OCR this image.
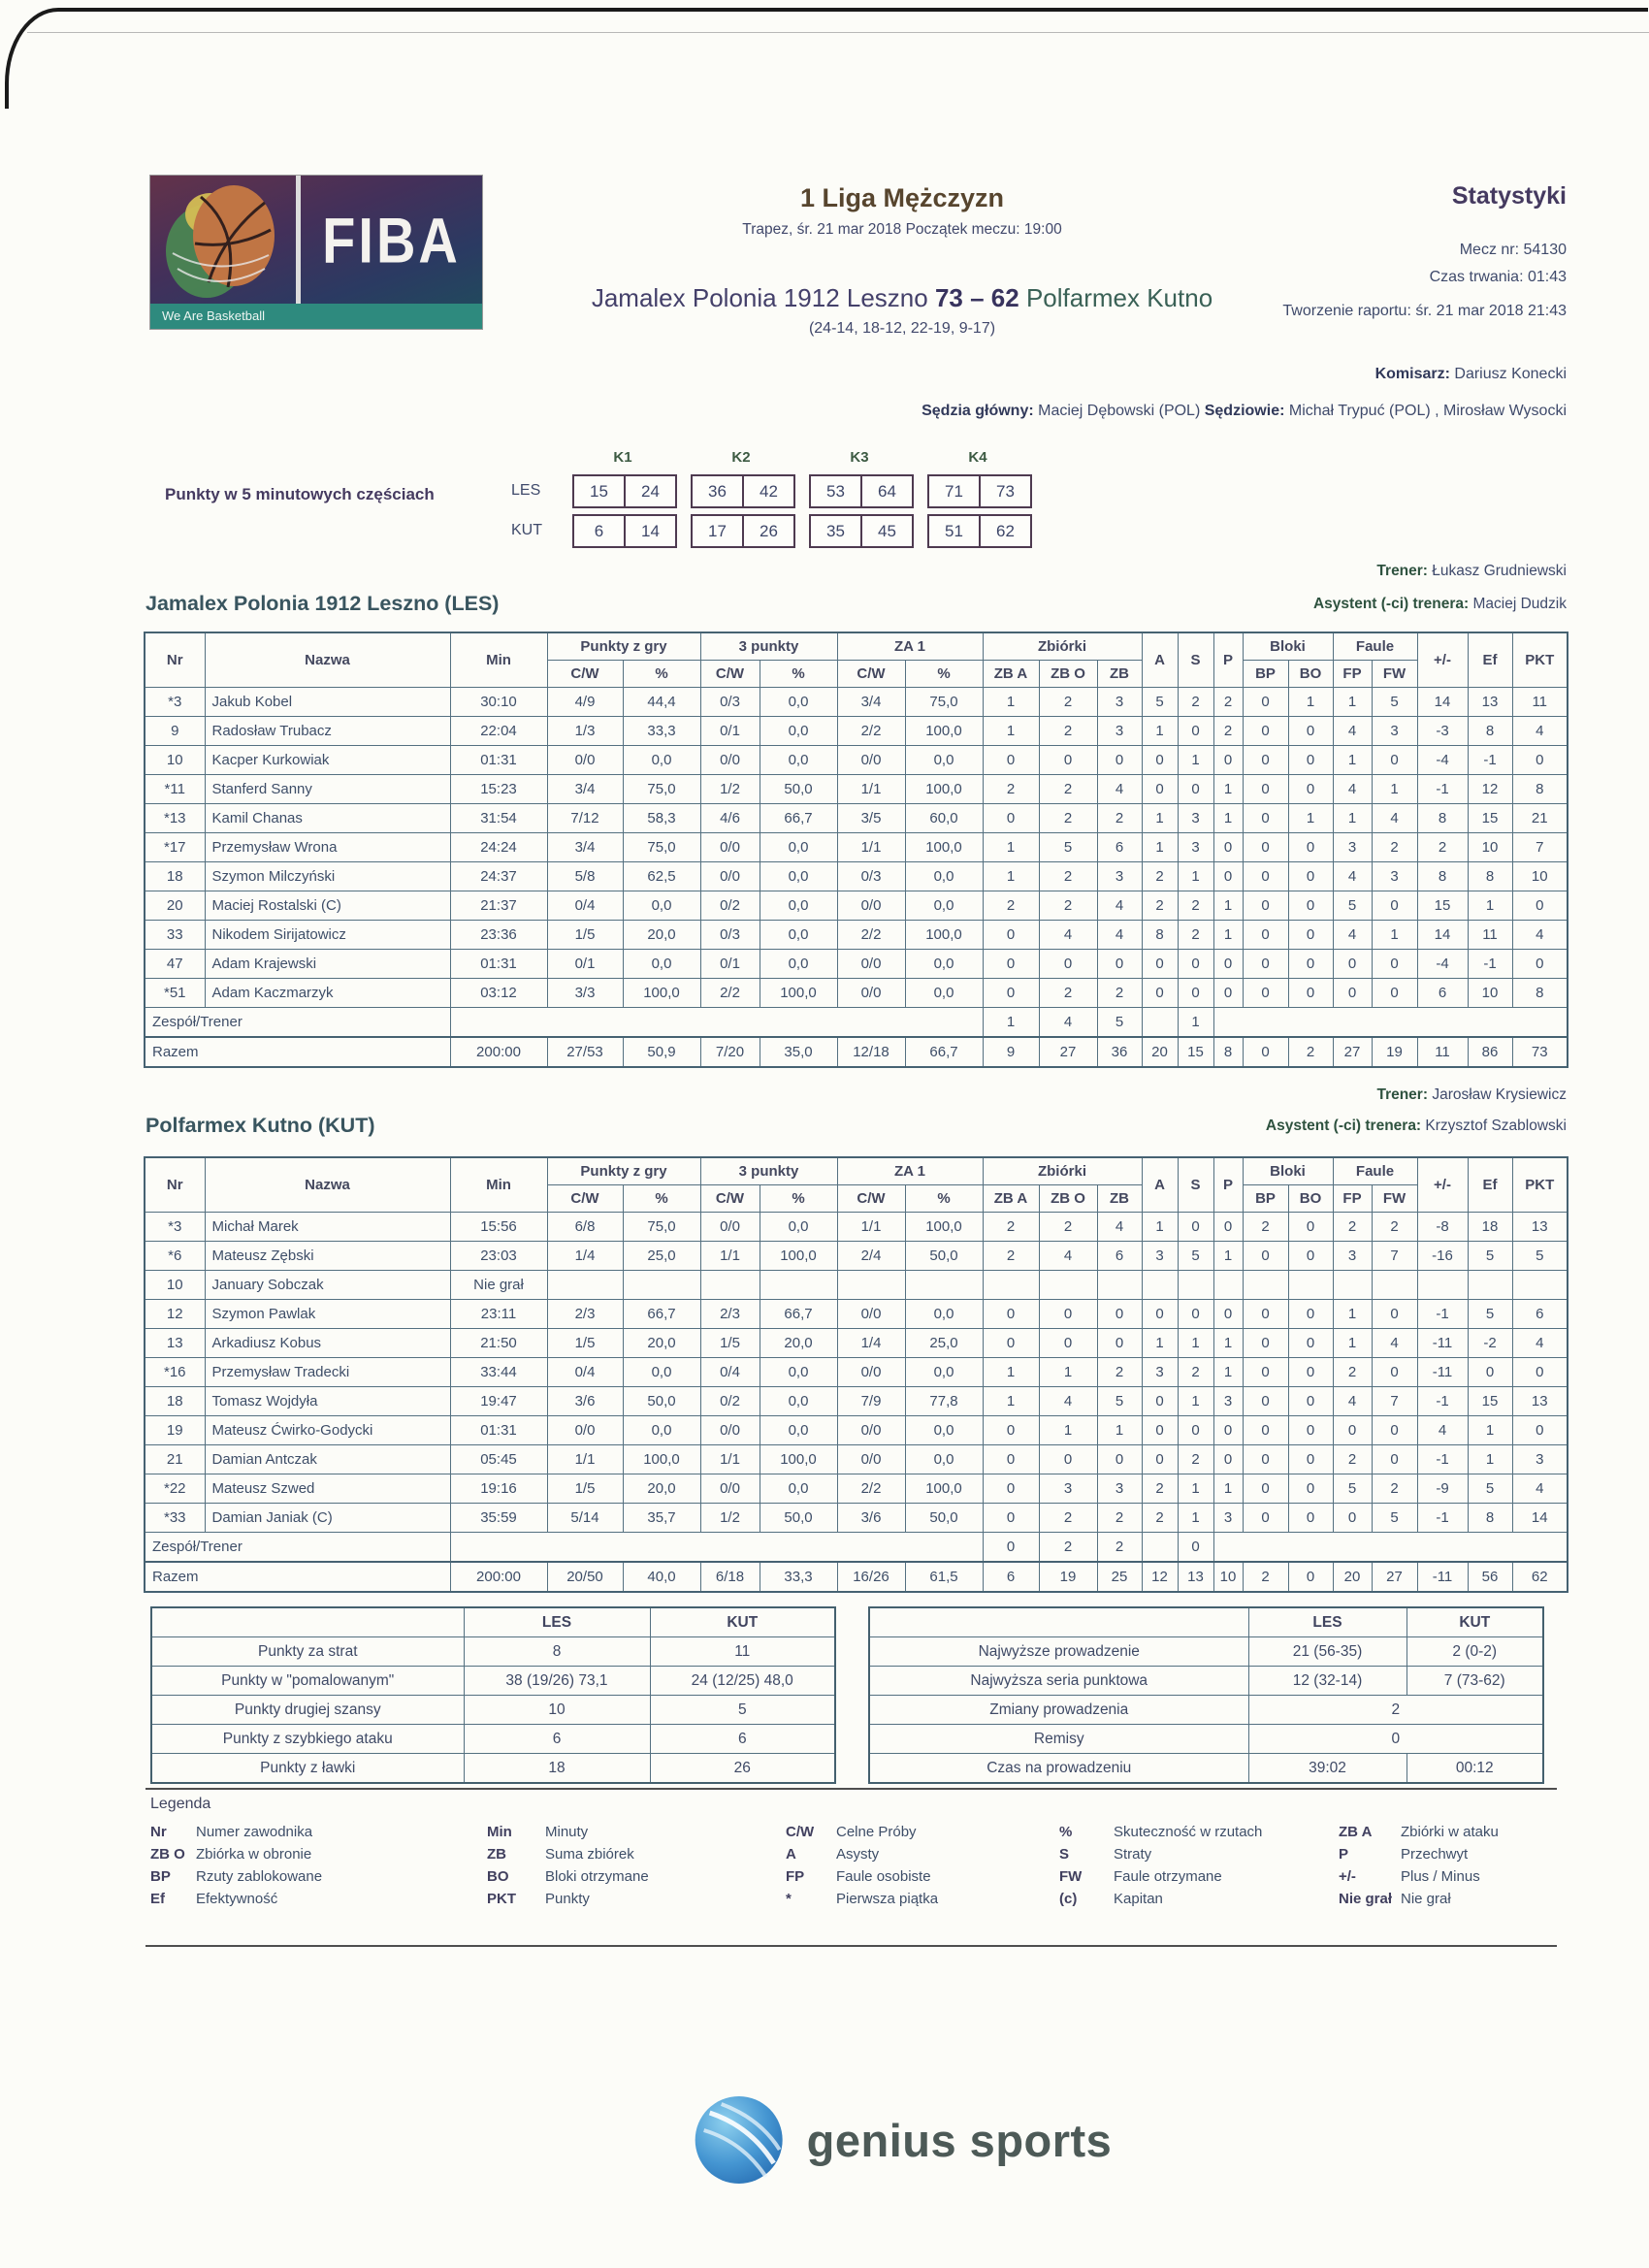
FIBA
We Are Basketball
1 Liga Mężczyzn
Trapez, śr. 21 mar 2018 Początek meczu: 19:00
Jamalex Polonia 1912 Leszno 73 – 62 Polfarmex Kutno
(24-14, 18-12, 22-19, 9-17)
Statystyki
Mecz nr: 54130
Czas trwania: 01:43
Tworzenie raportu: śr. 21 mar 2018 21:43
Komisarz: Dariusz Konecki
Sędzia główny: Maciej Dębowski (POL) Sędziowie: Michał Trypuć (POL) , Mirosław Wysocki
Punkty w 5 minutowych częściach	LES
KUT
K1	K2	K3	K4
15	24	36	42	53	64	71	73
6	14	17	26	35	45	51	62
Trener: Łukasz Grudniewski
Jamalex Polonia 1912 Leszno (LES)	Asystent (-ci) trenera: Maciej Dudzik
Nr	Nazwa	Min	Punkty z gry		3 punkty		ZA 1		Zbiórki			A	S	P	Bloki		Faule		+/-	Ef	PKT
			C/W	%	C/W	%	C/W	%	ZB A	ZB O	ZB				BP	BO	FP	FW			
*3	Jakub Kobel	30:10	4/9	44,4	0/3	0,0	3/4	75,0	1	2	3	5	2	2	0	1	1	5	14	13	11
9	Radosław Trubacz	22:04	1/3	33,3	0/1	0,0	2/2	100,0	1	2	3	1	0	2	0	0	4	3	-3	8	4
10	Kacper Kurkowiak	01:31	0/0	0,0	0/0	0,0	0/0	0,0	0	0	0	0	1	0	0	0	1	0	-4	-1	0
*11	Stanferd Sanny	15:23	3/4	75,0	1/2	50,0	1/1	100,0	2	2	4	0	0	1	0	0	4	1	-1	12	8
*13	Kamil Chanas	31:54	7/12	58,3	4/6	66,7	3/5	60,0	0	2	2	1	3	1	0	1	1	4	8	15	21
*17	Przemysław Wrona	24:24	3/4	75,0	0/0	0,0	1/1	100,0	1	5	6	1	3	0	0	0	3	2	2	10	7
18	Szymon Milczyński	24:37	5/8	62,5	0/0	0,0	0/3	0,0	1	2	3	2	1	0	0	0	4	3	8	8	10
20	Maciej Rostalski (C)	21:37	0/4	0,0	0/2	0,0	0/0	0,0	2	2	4	2	2	1	0	0	5	0	15	1	0
33	Nikodem Sirijatowicz	23:36	1/5	20,0	0/3	0,0	2/2	100,0	0	4	4	8	2	1	0	0	4	1	14	11	4
47	Adam Krajewski	01:31	0/1	0,0	0/1	0,0	0/0	0,0	0	0	0	0	0	0	0	0	0	0	-4	-1	0
*51	Adam Kaczmarzyk	03:12	3/3	100,0	2/2	100,0	0/0	0,0	0	2	2	0	0	0	0	0	0	0	6	10	8
Zespół/Trener									1	4	5		1								
Razem		200:00	27/53	50,9	7/20	35,0	12/18	66,7	9	27	36	20	15	8	0	2	27	19	11	86	73
Trener: Jarosław Krysiewicz
Polfarmex Kutno (KUT)	Asystent (-ci) trenera: Krzysztof Szablowski
Nr	Nazwa	Min	Punkty z gry		3 punkty		ZA 1		Zbiórki			A	S	P	Bloki		Faule		+/-	Ef	PKT
			C/W	%	C/W	%	C/W	%	ZB A	ZB O	ZB				BP	BO	FP	FW			
*3	Michał Marek	15:56	6/8	75,0	0/0	0,0	1/1	100,0	2	2	4	1	0	0	2	0	2	2	-8	18	13
*6	Mateusz Zębski	23:03	1/4	25,0	1/1	100,0	2/4	50,0	2	4	6	3	5	1	0	0	3	7	-16	5	5
10	January Sobczak	Nie grał																			
12	Szymon Pawlak	23:11	2/3	66,7	2/3	66,7	0/0	0,0	0	0	0	0	0	0	0	0	1	0	-1	5	6
13	Arkadiusz Kobus	21:50	1/5	20,0	1/5	20,0	1/4	25,0	0	0	0	1	1	1	0	0	1	4	-11	-2	4
*16	Przemysław Tradecki	33:44	0/4	0,0	0/4	0,0	0/0	0,0	1	1	2	3	2	1	0	0	2	0	-11	0	0
18	Tomasz Wojdyła	19:47	3/6	50,0	0/2	0,0	7/9	77,8	1	4	5	0	1	3	0	0	4	7	-1	15	13
19	Mateusz Ćwirko-Godycki	01:31	0/0	0,0	0/0	0,0	0/0	0,0	0	1	1	0	0	0	0	0	0	0	4	1	0
21	Damian Antczak	05:45	1/1	100,0	1/1	100,0	0/0	0,0	0	0	0	0	2	0	0	0	2	0	-1	1	3
*22	Mateusz Szwed	19:16	1/5	20,0	0/0	0,0	2/2	100,0	0	3	3	2	1	1	0	0	5	2	-9	5	4
*33	Damian Janiak (C)	35:59	5/14	35,7	1/2	50,0	3/6	50,0	0	2	2	2	1	3	0	0	0	5	-1	8	14
Zespół/Trener									0	2	2		0								
Razem		200:00	20/50	40,0	6/18	33,3	16/26	61,5	6	19	25	12	13	10	2	0	20	27	-11	56	62
	LES	KUT
Punkty za strat	8	11
Punkty w "pomalowanym"	38 (19/26) 73,1	24 (12/25) 48,0
Punkty drugiej szansy	10	5
Punkty z szybkiego ataku	6	6
Punkty z ławki	18	26
	LES	KUT
Najwyższe prowadzenie	21 (56-35)	2 (0-2)
Najwyższa seria punktowa	12 (32-14)	7 (73-62)
Zmiany prowadzenia	2	
Remisy	0	
Czas na prowadzeniu	39:02	00:12
Legenda
Nr Numer zawodnika	Min Minuty	C/W Celne Próby	%	Skuteczność w rzutach	ZB A Zbiórki w ataku
ZB O Zbiórka w obronie	ZB	Suma zbiórek	A	Asysty	S	Straty	P	Przechwyt
BP Rzuty zablokowane	BO	Bloki otrzymane	FP Faule osobiste	FW Faule otrzymane	+/-	Plus / Minus
Ef Efektywność	PKT Punkty	*	Pierwsza piątka	(c)	Kapitan	Nie grał Nie grał
genius sports
